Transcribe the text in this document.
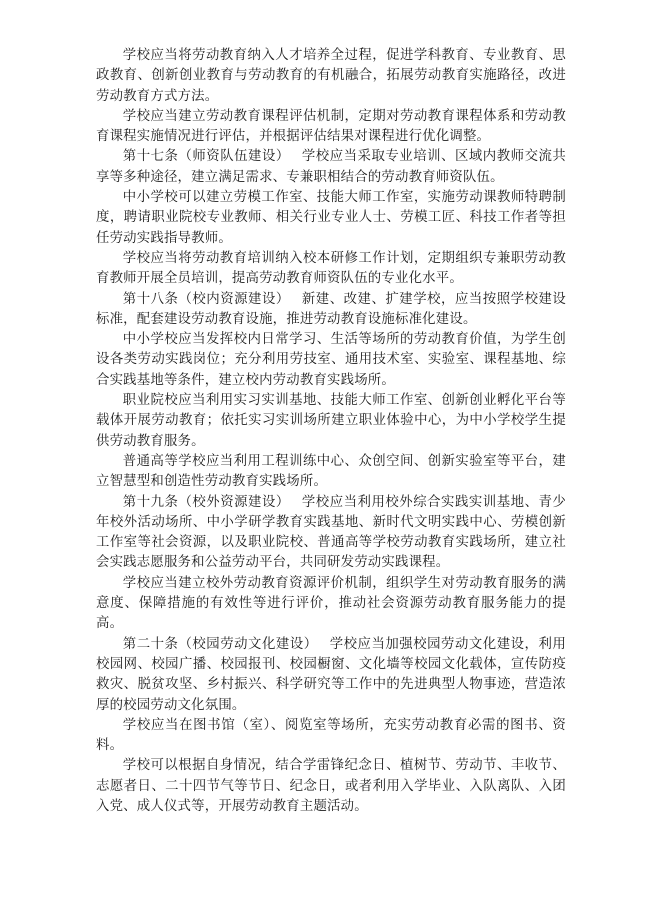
学校应当将劳动教育纳入人才培养全过程，促进学科教育、专业教育、思政教育、创新创业教育与劳动教育的有机融合，拓展劳动教育实施路径，改进劳动教育方式方法。

学校应当建立劳动教育课程评估机制，定期对劳动教育课程体系和劳动教育课程实施情况进行评估，并根据评估结果对课程进行优化调整。

第十七条（师资队伍建设） 学校应当采取专业培训、区域内教师交流共享等多种途径，建立满足需求、专兼职相结合的劳动教育师资队伍。

中小学校可以建立劳模工作室、技能大师工作室，实施劳动课教师特聘制度，聘请职业院校专业教师、相关行业专业人士、劳模工匠、科技工作者等担任劳动实践指导教师。

学校应当将劳动教育培训纳入校本研修工作计划，定期组织专兼职劳动教育教师开展全员培训，提高劳动教育师资队伍的专业化水平。

第十八条（校内资源建设） 新建、改建、扩建学校，应当按照学校建设标准，配套建设劳动教育设施，推进劳动教育设施标准化建设。

中小学校应当发挥校内日常学习、生活等场所的劳动教育价值，为学生创设各类劳动实践岗位；充分利用劳技室、通用技术室、实验室、课程基地、综合实践基地等条件，建立校内劳动教育实践场所。

职业院校应当利用实习实训基地、技能大师工作室、创新创业孵化平台等载体开展劳动教育；依托实习实训场所建立职业体验中心，为中小学校学生提供劳动教育服务。

普通高等学校应当利用工程训练中心、众创空间、创新实验室等平台，建立智慧型和创造性劳动教育实践场所。

第十九条（校外资源建设） 学校应当利用校外综合实践实训基地、青少年校外活动场所、中小学研学教育实践基地、新时代文明实践中心、劳模创新工作室等社会资源，以及职业院校、普通高等学校劳动教育实践场所，建立社会实践志愿服务和公益劳动平台，共同研发劳动实践课程。

学校应当建立校外劳动教育资源评价机制，组织学生对劳动教育服务的满意度、保障措施的有效性等进行评价，推动社会资源劳动教育服务能力的提高。

第二十条（校园劳动文化建设） 学校应当加强校园劳动文化建设，利用校园网、校园广播、校园报刊、校园橱窗、文化墙等校园文化载体，宣传防疫救灾、脱贫攻坚、乡村振兴、科学研究等工作中的先进典型人物事迹，营造浓厚的校园劳动文化氛围。

学校应当在图书馆（室）、阅览室等场所，充实劳动教育必需的图书、资料。

学校可以根据自身情况，结合学雷锋纪念日、植树节、劳动节、丰收节、志愿者日、二十四节气等节日、纪念日，或者利用入学毕业、入队离队、入团入党、成人仪式等，开展劳动教育主题活动。
